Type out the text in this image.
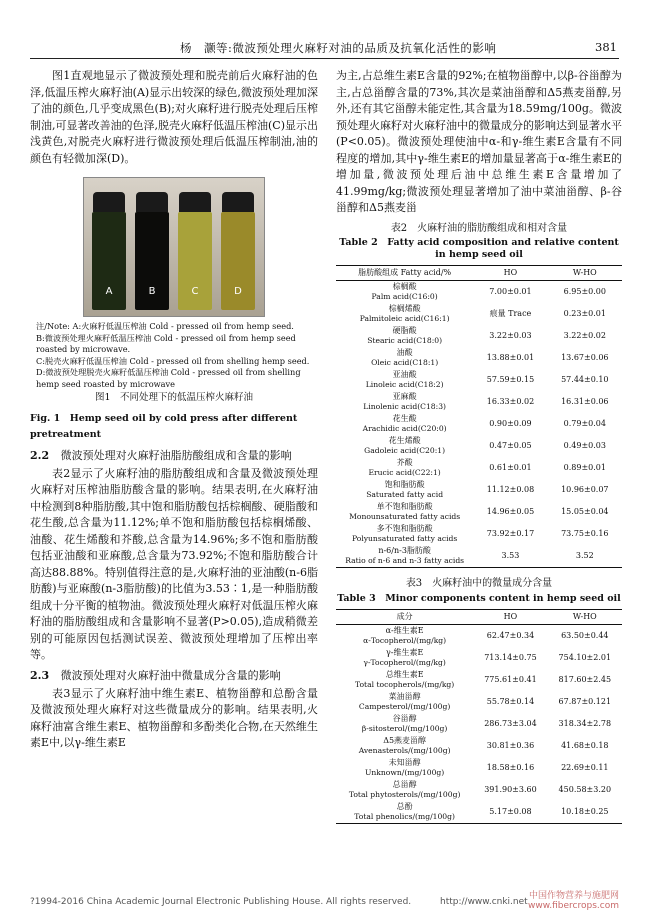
杨　灏等:微波预处理火麻籽对油的品质及抗氧化活性的影响	381

图1直观地显示了微波预处理和脱壳前后火麻籽油的色泽,低温压榨火麻籽油(A)显示出较深的绿色,微波预处理加深了油的颜色,几乎变成黑色(B);对火麻籽进行脱壳处理后压榨制油,可显著改善油的色泽,脱壳火麻籽低温压榨油(C)显示出浅黄色,对脱壳火麻籽进行微波预处理后低温压榨制油,油的颜色有轻微加深(D)。

A	B	C	D
注/Note: A:火麻籽低温压榨油 Cold - pressed oil from hemp seed.
B:微波预处理火麻籽低温压榨油 Cold - pressed oil from hemp seed roasted by microwave.
C:脱壳火麻籽低温压榨油 Cold - pressed oil from shelling hemp seed.
D:微波预处理脱壳火麻籽低温压榨油 Cold - pressed oil from shelling hemp seed roasted by microwave
图1　不同处理下的低温压榨火麻籽油
Fig. 1　Hemp seed oil by cold press after different pretreatment
2.2 微波预处理对火麻籽油脂肪酸组成和含量的影响

表2显示了火麻籽油的脂肪酸组成和含量及微波预处理火麻籽对压榨油脂肪酸含量的影响。结果表明,在火麻籽油中检测到8种脂肪酸,其中饱和脂肪酸包括棕榈酸、硬脂酸和花生酸,总含量为11.12%;单不饱和脂肪酸包括棕榈烯酸、油酸、花生烯酸和芥酸,总含量为14.96%;多不饱和脂肪酸包括亚油酸和亚麻酸,总含量为73.92%;不饱和脂肪酸合计高达88.88%。特别值得注意的是,火麻籽油的亚油酸(n-6脂肪酸)与亚麻酸(n-3脂肪酸)的比值为3.53∶1,是一种脂肪酸组成十分平衡的植物油。微波预处理火麻籽对低温压榨火麻籽油的脂肪酸组成和含量影响不显著(P>0.05),造成稍微差别的可能原因包括测试误差、微波预处理增加了压榨出率等。

2.3 微波预处理对火麻籽油中微量成分含量的影响

表3显示了火麻籽油中维生素E、植物甾醇和总酚含量及微波预处理火麻籽对这些微量成分的影响。结果表明,火麻籽油富含维生素E、植物甾醇和多酚类化合物,在天然维生素E中,以γ-维生素E

为主,占总维生素E含量的92%;在植物甾醇中,以β-谷甾醇为主,占总甾醇含量的73%,其次是菜油甾醇和Δ5燕麦甾醇,另外,还有其它甾醇未能定性,其含量为18.59mg/100g。微波预处理火麻籽对火麻籽油中的微量成分的影响达到显著水平(P<0.05)。微波预处理使油中α-和γ-维生素E含量有不同程度的增加,其中γ-维生素E的增加量显著高于α-维生素E的增加量,微波预处理后油中总维生素E含量增加了41.99mg/kg;微波预处理显著增加了油中菜油甾醇、β-谷甾醇和Δ5燕麦甾

表2　火麻籽油的脂肪酸组成和相对含量
Table 2　Fatty acid composition and relative content in hemp seed oil
脂肪酸组成 Fatty acid/%	HO	W-HO

棕榈酸
Palm acid(C16:0)	7.00±0.01	6.95±0.00

棕榈烯酸
Palmitoleic acid(C16:1)	痕量 Trace	0.23±0.01

硬脂酸
Stearic acid(C18:0)	3.22±0.03	3.22±0.02

油酸
Oleic acid(C18:1)	13.88±0.01	13.67±0.06

亚油酸
Linoleic acid(C18:2)	57.59±0.15	57.44±0.10

亚麻酸
Linolenic acid(C18:3)	16.33±0.02	16.31±0.06

花生酸
Arachidic acid(C20:0)	0.90±0.09	0.79±0.04

花生烯酸
Gadoleic acid(C20:1)	0.47±0.05	0.49±0.03

芥酸
Erucic acid(C22:1)	0.61±0.01	0.89±0.01

饱和脂肪酸
Saturated fatty acid	11.12±0.08	10.96±0.07

单不饱和脂肪酸
Monounsaturated fatty acids	14.96±0.05	15.05±0.04

多不饱和脂肪酸
Polyunsaturated fatty acids	73.92±0.17	73.75±0.16

n-6/n-3脂肪酸
Ratio of n-6 and n-3 fatty acids	3.53	3.52
表3　火麻籽油中的微量成分含量
Table 3　Minor components content in hemp seed oil
成分	HO	W-HO

α-维生素E
α-Tocopherol/(mg/kg)	62.47±0.34	63.50±0.44

γ-维生素E
γ-Tocopherol/(mg/kg)	713.14±0.75	754.10±2.01

总维生素E
Total tocopherols/(mg/kg)	775.61±0.41	817.60±2.45

菜油甾醇
Campesterol/(mg/100g)	55.78±0.14	67.87±0.121

谷甾醇
β-sitosterol/(mg/100g)	286.73±3.04	318.34±2.78

Δ5燕麦甾醇
Avenasterols/(mg/100g)	30.81±0.36	41.68±0.18

未知甾醇
Unknown/(mg/100g)	18.58±0.16	22.69±0.11

总甾醇
Total phytosterols/(mg/100g)	391.90±3.60	450.58±3.20

总酚
Total phenolics/(mg/100g)	5.17±0.08	10.18±0.25
?1994-2016 China Academic Journal Electronic Publishing House. All rights reserved.	http://www.cnki.net
中国作物营养与施肥网
www.fibercrops.com
